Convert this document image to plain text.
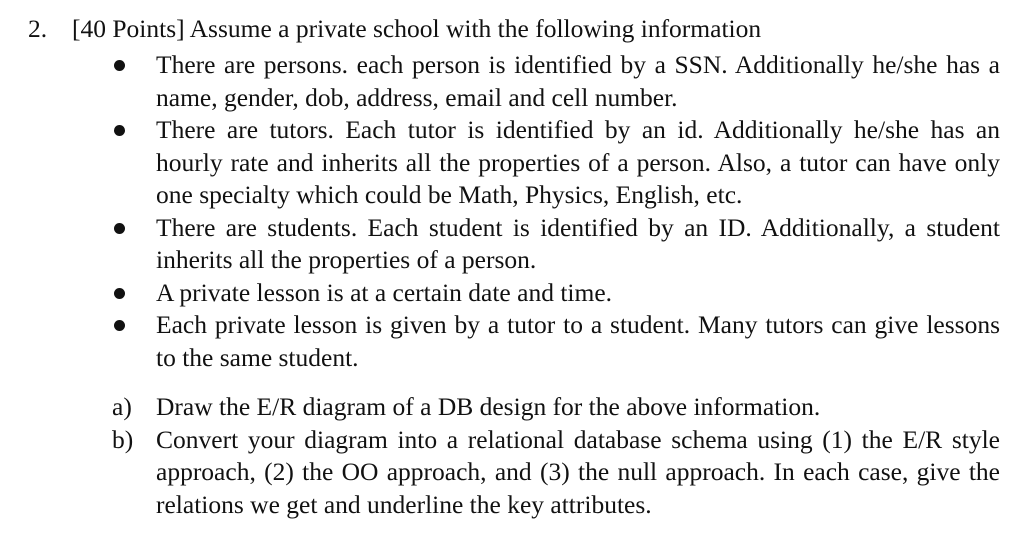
2. [40 Points] Assume a private school with the following information
There are persons. each person is identified by a SSN. Additionally he/she has a name, gender, dob, address, email and cell number.
There are tutors. Each tutor is identified by an id. Additionally he/she has an hourly rate and inherits all the properties of a person. Also, a tutor can have only one specialty which could be Math, Physics, English, etc.
There are students. Each student is identified by an ID. Additionally, a student inherits all the properties of a person.
A private lesson is at a certain date and time.
Each private lesson is given by a tutor to a student. Many tutors can give lessons to the same student.
a) Draw the E/R diagram of a DB design for the above information.
b) Convert your diagram into a relational database schema using (1) the E/R style approach, (2) the OO approach, and (3) the null approach. In each case, give the relations we get and underline the key attributes.
